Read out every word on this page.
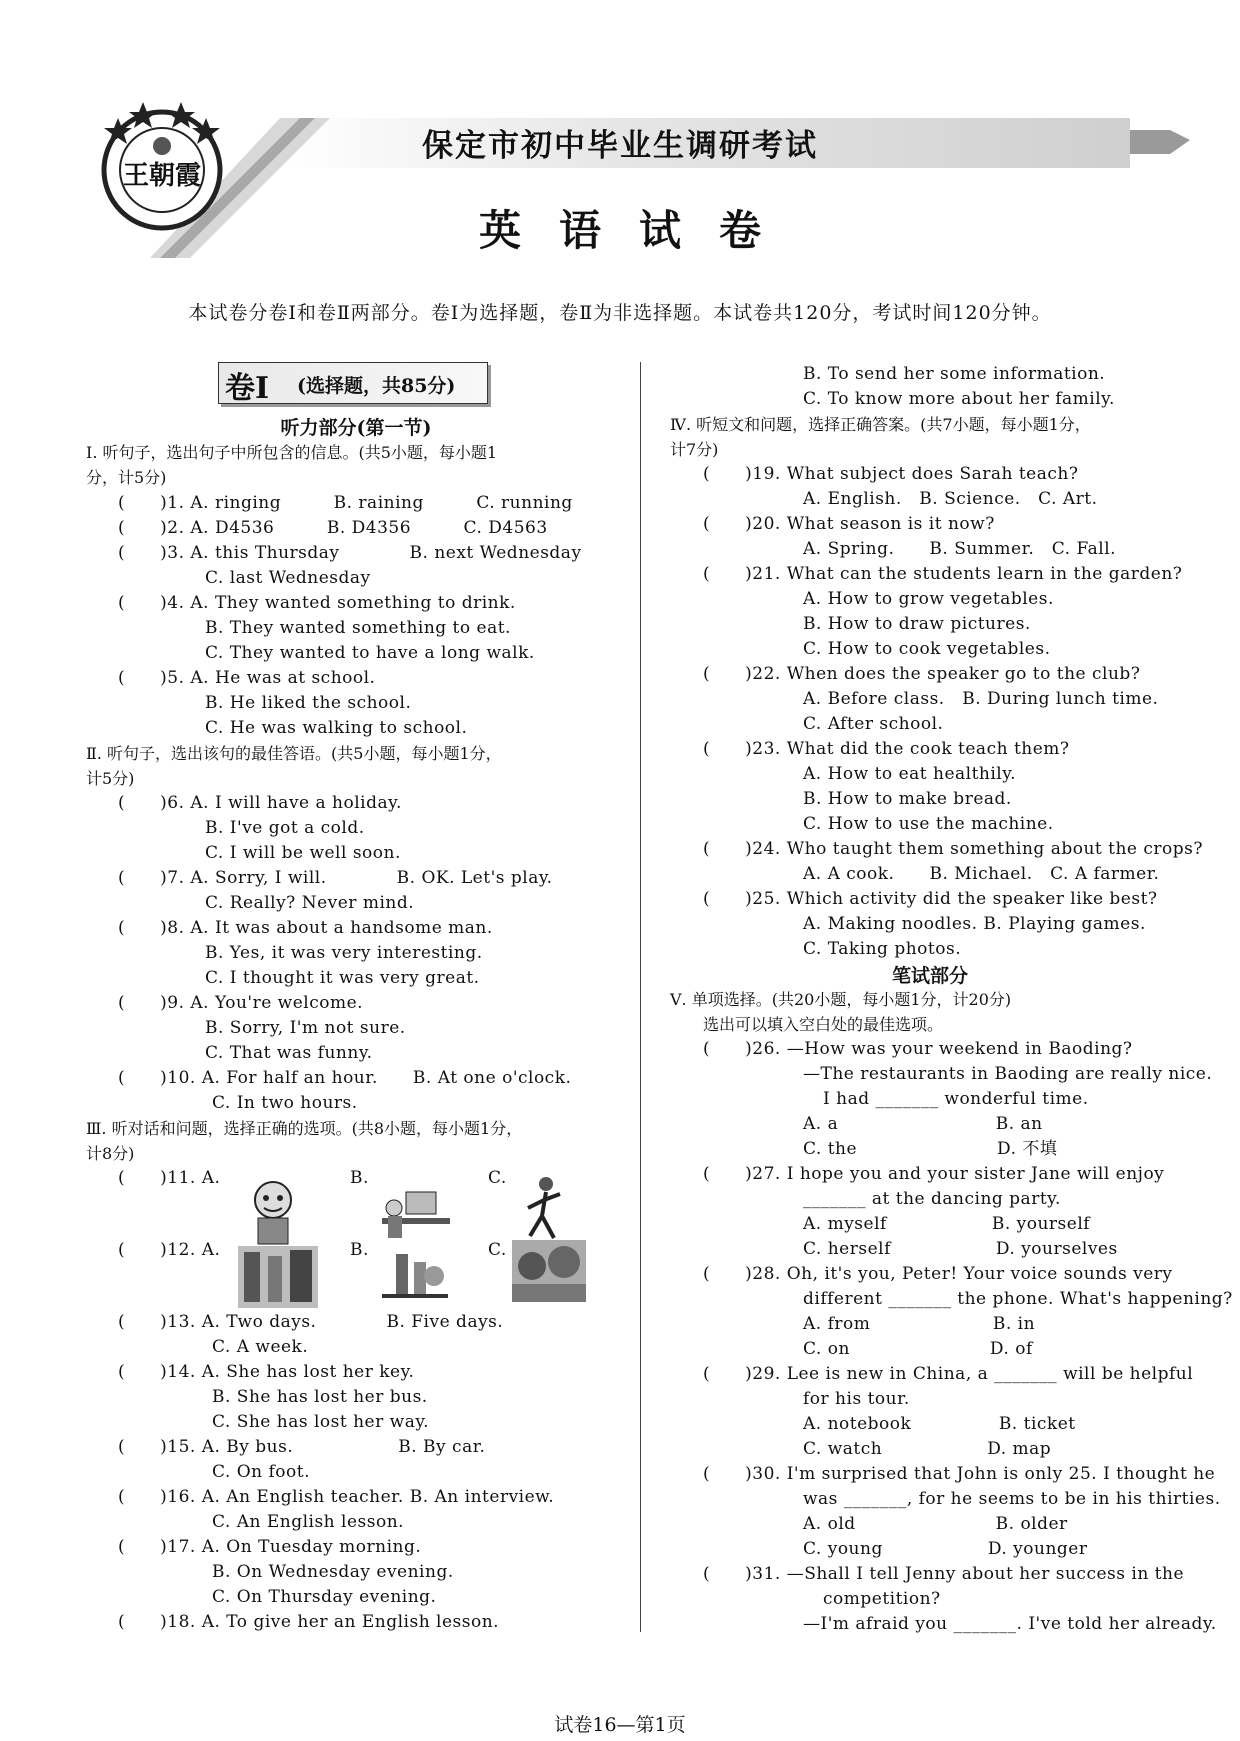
王朝霞
保定市初中毕业生调研考试
英语试卷
本试卷分卷Ⅰ和卷Ⅱ两部分。卷Ⅰ为选择题，卷Ⅱ为非选择题。本试卷共120分，考试时间120分钟。
卷Ⅰ (选择题，共85分)
听力部分(第一节)
Ⅰ. 听句子，选出句子中所包含的信息。(共5小题，每小题1
分，计5分)
(　　)1. A. ringing　　　B. raining　　　C. running
(　　)2. A. D4536　　　B. D4356　　　C. D4563
(　　)3. A. this Thursday　　　　B. next Wednesday
C. last Wednesday
(　　)4. A. They wanted something to drink.
B. They wanted something to eat.
C. They wanted to have a long walk.
(　　)5. A. He was at school.
B. He liked the school.
C. He was walking to school.
Ⅱ. 听句子，选出该句的最佳答语。(共5小题，每小题1分，
计5分)
(　　)6. A. I will have a holiday.
B. I've got a cold.
C. I will be well soon.
(　　)7. A. Sorry, I will.　　　　B. OK. Let's play.
C. Really? Never mind.
(　　)8. A. It was about a handsome man.
B. Yes, it was very interesting.
C. I thought it was very great.
(　　)9. A. You're welcome.
B. Sorry, I'm not sure.
C. That was funny.
(　　)10. A. For half an hour.　　B. At one o'clock.
C. In two hours.
Ⅲ. 听对话和问题，选择正确的选项。(共8小题，每小题1分，
计8分)
(　　)11. A.	B.	C.
(　　)12. A.	B.	C.
(　　)13. A. Two days.　　　　B. Five days.
C. A week.
(　　)14. A. She has lost her key.
B. She has lost her bus.
C. She has lost her way.
(　　)15. A. By bus.　　　　　　B. By car.
C. On foot.
(　　)16. A. An English teacher. B. An interview.
C. An English lesson.
(　　)17. A. On Tuesday morning.
B. On Wednesday evening.
C. On Thursday evening.
(　　)18. A. To give her an English lesson.
B. To send her some information.
C. To know more about her family.
Ⅳ. 听短文和问题，选择正确答案。(共7小题，每小题1分，
计7分)
(　　)19. What subject does Sarah teach?
A. English.　B. Science.　C. Art.
(　　)20. What season is it now?
A. Spring.　　B. Summer.　C. Fall.
(　　)21. What can the students learn in the garden?
A. How to grow vegetables.
B. How to draw pictures.
C. How to cook vegetables.
(　　)22. When does the speaker go to the club?
A. Before class.　B. During lunch time.
C. After school.
(　　)23. What did the cook teach them?
A. How to eat healthily.
B. How to make bread.
C. How to use the machine.
(　　)24. Who taught them something about the crops?
A. A cook.　　B. Michael.　C. A farmer.
(　　)25. Which activity did the speaker like best?
A. Making noodles. B. Playing games.
C. Taking photos.
笔试部分
Ⅴ. 单项选择。(共20小题，每小题1分，计20分)
选出可以填入空白处的最佳选项。
(　　)26. —How was your weekend in Baoding?
—The restaurants in Baoding are really nice.
I had _______ wonderful time.
A. a　　　　　　　　　B. an
C. the　　　　　　　　D. 不填
(　　)27. I hope you and your sister Jane will enjoy
_______ at the dancing party.
A. myself　　　　　　B. yourself
C. herself　　　　　　D. yourselves
(　　)28. Oh, it's you, Peter! Your voice sounds very
different _______ the phone. What's happening?
A. from　　　　　　　B. in
C. on　　　　　　　　D. of
(　　)29. Lee is new in China, a _______ will be helpful
for his tour.
A. notebook　　　　　B. ticket
C. watch　　　　　　D. map
(　　)30. I'm surprised that John is only 25. I thought he
was _______, for he seems to be in his thirties.
A. old　　　　　　　　B. older
C. young　　　　　　D. younger
(　　)31. —Shall I tell Jenny about her success in the
competition?
—I'm afraid you _______. I've told her already.
试卷16—第1页
